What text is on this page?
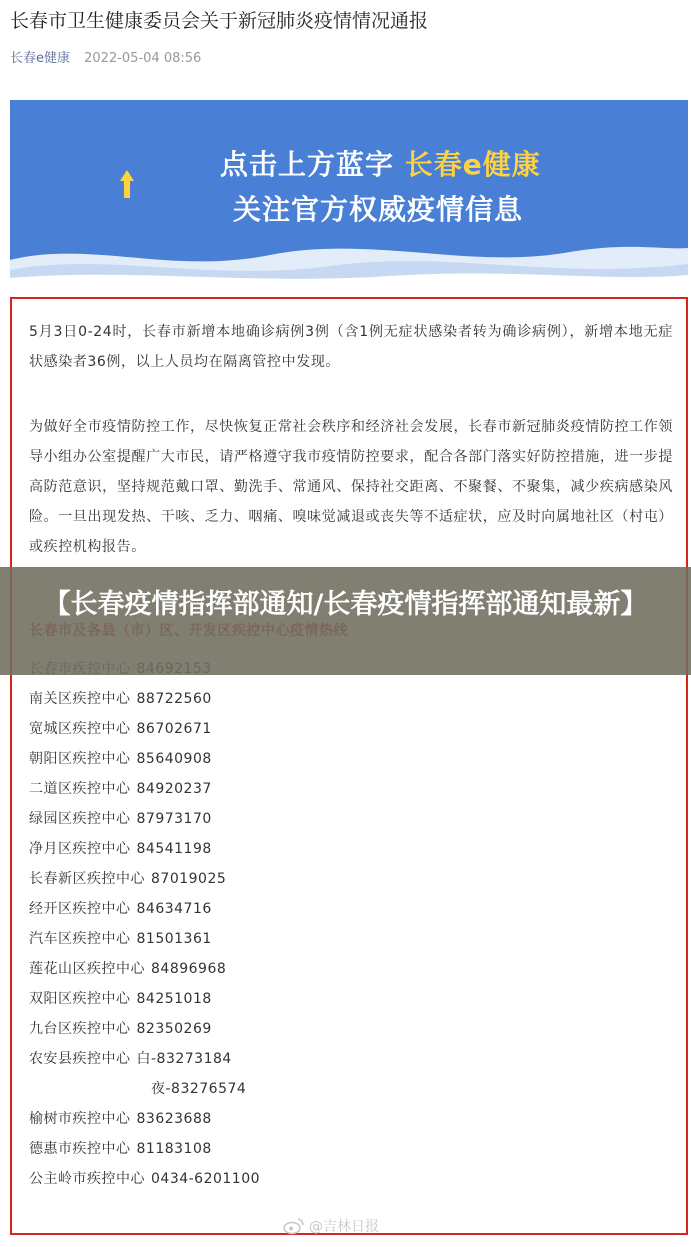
长春市卫生健康委员会关于新冠肺炎疫情情况通报
长春e健康 2022-05-04 08:56
点击上方蓝字 长春e健康
关注官方权威疫情信息

5月3日0-24时，长春市新增本地确诊病例3例（含1例无症状感染者转为确诊病例），新增本地无症状感染者36例，以上人员均在隔离管控中发现。

为做好全市疫情防控工作，尽快恢复正常社会秩序和经济社会发展，长春市新冠肺炎疫情防控工作领导小组办公室提醒广大市民，请严格遵守我市疫情防控要求，配合各部门落实好防控措施，进一步提高防范意识，坚持规范戴口罩、勤洗手、常通风、保持社交距离、不聚餐、不聚集，减少疾病感染风险。一旦出现发热、干咳、乏力、咽痛、嗅味觉减退或丧失等不适症状，应及时向属地社区（村屯）或疾控机构报告。

南关区疾控中心 88722560
宽城区疾控中心 86702671
朝阳区疾控中心 85640908
二道区疾控中心 84920237
绿园区疾控中心 87973170
净月区疾控中心 84541198
长春新区疾控中心 87019025
经开区疾控中心 84634716
汽车区疾控中心 81501361
莲花山区疾控中心 84896968
双阳区疾控中心 84251018
九台区疾控中心 82350269
农安县疾控中心 白-83273184
夜-83276574
榆树市疾控中心 83623688
德惠市疾控中心 81183108
公主岭市疾控中心 0434-6201100
【长春疫情指挥部通知/长春疫情指挥部通知最新】
@吉林日报
